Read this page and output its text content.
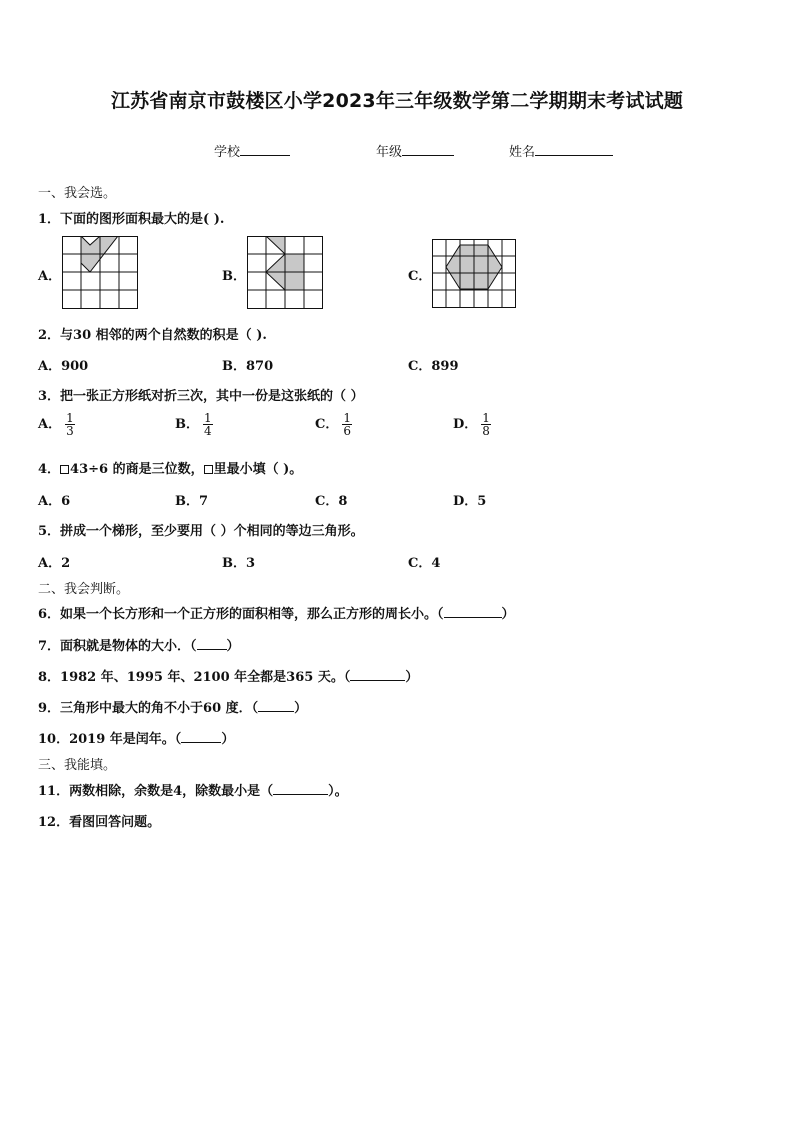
江苏省南京市鼓楼区小学2023年三年级数学第二学期期末考试试题
学校	年级	姓名
一、我会选。
1．下面的图形面积最大的是( ).
A．	B．	C．
2．与30 相邻的两个自然数的积是（ ).
A．900	B．870	C．899
3．把一张正方形纸对折三次，其中一份是这张纸的（ ）
A． $\frac{1}{3}$	B． $\frac{1}{4}$	C． $\frac{1}{6}$	D． $\frac{1}{8}$
4． 43÷6 的商是三位数， 里最小填（ )。
A．6	B．7	C．8	D．5
5．拼成一个梯形，至少要用（ ）个相同的等边三角形。
A．2	B．3	C．4
二、我会判断。
6．如果一个长方形和一个正方形的面积相等，那么正方形的周长小。（	）
7．面积就是物体的大小．（ ）
8．1982 年、1995 年、2100 年全都是365 天。（	）
9．三角形中最大的角不小于60 度．（	）
10．2019 年是闰年。（	）
三、我能填。
11．两数相除，余数是4，除数最小是（	）。
12．看图回答问题。
